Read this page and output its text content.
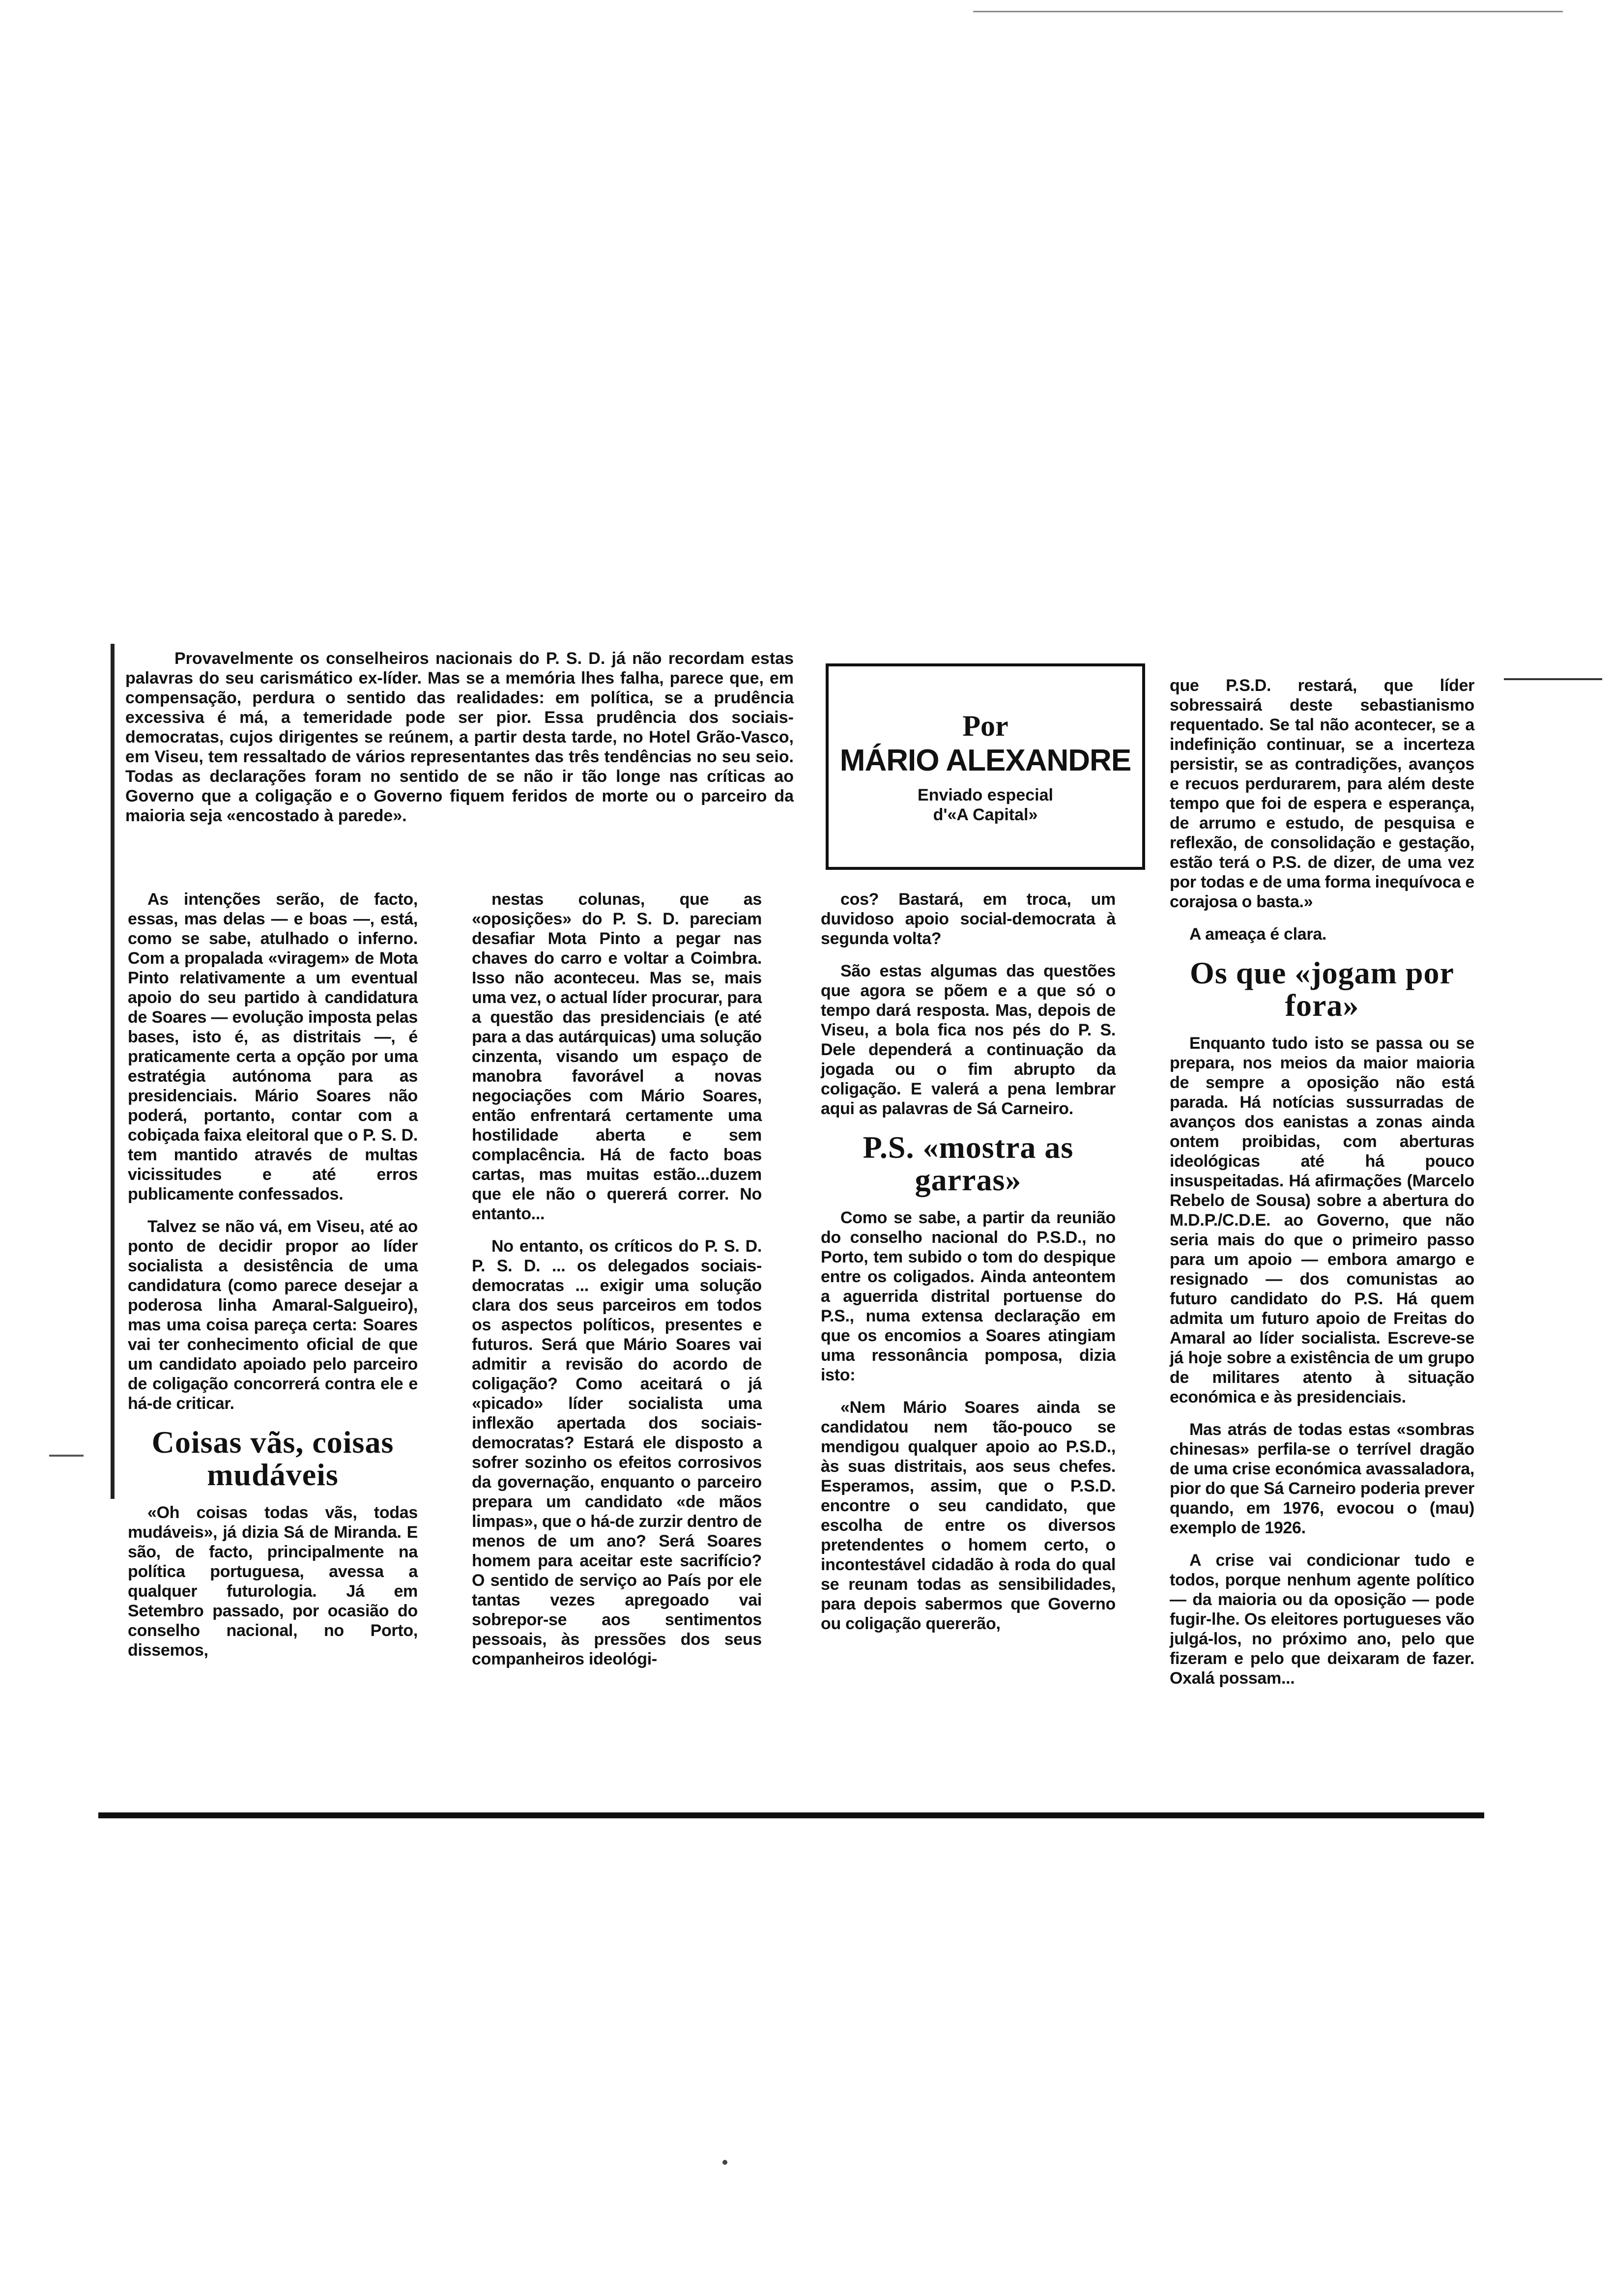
Provavelmente os conselheiros nacionais do P. S. D. já não recordam estas palavras do seu carismático ex-líder. Mas se a memória lhes falha, parece que, em compensação, perdura o sentido das realidades: em política, se a prudência excessiva é má, a temeridade pode ser pior. Essa prudência dos sociais-democratas, cujos dirigentes se reúnem, a partir desta tarde, no Hotel Grão-Vasco, em Viseu, tem ressaltado de vários representantes das três tendências no seu seio. Todas as declarações foram no sentido de se não ir tão longe nas críticas ao Governo que a coligação e o Governo fiquem feridos de morte ou o parceiro da maioria seja «encostado à parede».

Por
MÁRIO ALEXANDRE
Enviado especial
d'«A Capital»

As intenções serão, de facto, essas, mas delas — e boas —, está, como se sabe, atulhado o inferno. Com a propalada «viragem» de Mota Pinto relativamente a um eventual apoio do seu partido à candidatura de Soares — evolução imposta pelas bases, isto é, as distritais —, é praticamente certa a opção por uma estratégia autónoma para as presidenciais. Mário Soares não poderá, portanto, contar com a cobiçada faixa eleitoral que o P. S. D. tem mantido através de multas vicissitudes e até erros publicamente confessados.

Talvez se não vá, em Viseu, até ao ponto de decidir propor ao líder socialista a desistência de uma candidatura (como parece desejar a poderosa linha Amaral-Salgueiro), mas uma coisa pareça certa: Soares vai ter conhecimento oficial de que um candidato apoiado pelo parceiro de coligação concorrerá contra ele e há-de criticar.

Coisas vãs, coisas mudáveis

«Oh coisas todas vãs, todas mudáveis», já dizia Sá de Miranda. E são, de facto, principalmente na política portuguesa, avessa a qualquer futurologia. Já em Setembro passado, por ocasião do conselho nacional, no Porto, dissemos,

nestas colunas, que as «oposições» do P. S. D. pareciam desafiar Mota Pinto a pegar nas chaves do carro e voltar a Coimbra. Isso não aconteceu. Mas se, mais uma vez, o actual líder procurar, para a questão das presidenciais (e até para a das autárquicas) uma solução cinzenta, visando um espaço de manobra favorável a novas negociações com Mário Soares, então enfrentará certamente uma hostilidade aberta e sem complacência. Há de facto boas cartas, mas muitas estão...duzem que ele não o quererá correr. No entanto...

No entanto, os críticos do P. S. D. P. S. D. ... os delegados sociais-democratas ... exigir uma solução clara dos seus parceiros em todos os aspectos políticos, presentes e futuros. Será que Mário Soares vai admitir a revisão do acordo de coligação? Como aceitará o já «picado» líder socialista uma inflexão apertada dos sociais-democratas? Estará ele disposto a sofrer sozinho os efeitos corrosivos da governação, enquanto o parceiro prepara um candidato «de mãos limpas», que o há-de zurzir dentro de menos de um ano? Será Soares homem para aceitar este sacrifício? O sentido de serviço ao País por ele tantas vezes apregoado vai sobrepor-se aos sentimentos pessoais, às pressões dos seus companheiros ideológi-

cos? Bastará, em troca, um duvidoso apoio social-democrata à segunda volta?

São estas algumas das questões que agora se põem e a que só o tempo dará resposta. Mas, depois de Viseu, a bola fica nos pés do P. S. Dele dependerá a continuação da jogada ou o fim abrupto da coligação. E valerá a pena lembrar aqui as palavras de Sá Carneiro.

P.S. «mostra as garras»

Como se sabe, a partir da reunião do conselho nacional do P.S.D., no Porto, tem subido o tom do despique entre os coligados. Ainda anteontem a aguerrida distrital portuense do P.S., numa extensa declaração em que os encomios a Soares atingiam uma ressonância pomposa, dizia isto:

«Nem Mário Soares ainda se candidatou nem tão-pouco se mendigou qualquer apoio ao P.S.D., às suas distritais, aos seus chefes. Esperamos, assim, que o P.S.D. encontre o seu candidato, que escolha de entre os diversos pretendentes o homem certo, o incontestável cidadão à roda do qual se reunam todas as sensibilidades, para depois sabermos que Governo ou coligação quererão,

que P.S.D. restará, que líder sobressairá deste sebastianismo requentado. Se tal não acontecer, se a indefinição continuar, se a incerteza persistir, se as contradições, avanços e recuos perdurarem, para além deste tempo que foi de espera e esperança, de arrumo e estudo, de pesquisa e reflexão, de consolidação e gestação, estão terá o P.S. de dizer, de uma vez por todas e de uma forma inequívoca e corajosa o basta.»

A ameaça é clara.

Os que «jogam por fora»

Enquanto tudo isto se passa ou se prepara, nos meios da maior maioria de sempre a oposição não está parada. Há notícias sussurradas de avanços dos eanistas a zonas ainda ontem proibidas, com aberturas ideológicas até há pouco insuspeitadas. Há afirmações (Marcelo Rebelo de Sousa) sobre a abertura do M.D.P./C.D.E. ao Governo, que não seria mais do que o primeiro passo para um apoio — embora amargo e resignado — dos comunistas ao futuro candidato do P.S. Há quem admita um futuro apoio de Freitas do Amaral ao líder socialista. Escreve-se já hoje sobre a existência de um grupo de militares atento à situação económica e às presidenciais.

Mas atrás de todas estas «sombras chinesas» perfila-se o terrível dragão de uma crise económica avassaladora, pior do que Sá Carneiro poderia prever quando, em 1976, evocou o (mau) exemplo de 1926.

A crise vai condicionar tudo e todos, porque nenhum agente político — da maioria ou da oposição — pode fugir-lhe. Os eleitores portugueses vão julgá-los, no próximo ano, pelo que fizeram e pelo que deixaram de fazer. Oxalá possam...
